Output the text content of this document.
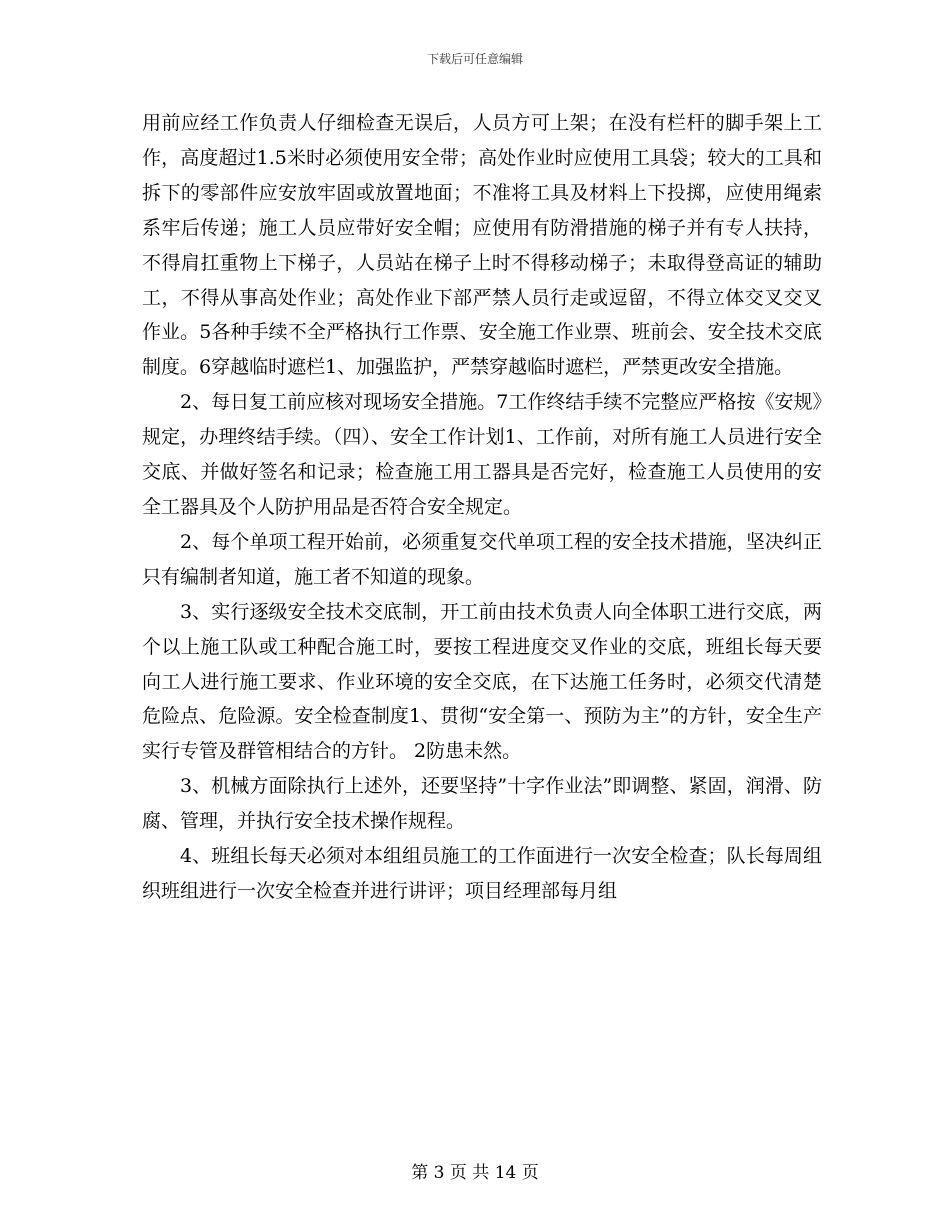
下载后可任意编辑

用前应经工作负责人仔细检查无误后，人员方可上架；在没有栏杆的脚手架上工作，高度超过1.5米时必须使用安全带；高处作业时应使用工具袋；较大的工具和拆下的零部件应安放牢固或放置地面；不准将工具及材料上下投掷，应使用绳索系牢后传递；施工人员应带好安全帽；应使用有防滑措施的梯子并有专人扶持，不得肩扛重物上下梯子，人员站在梯子上时不得移动梯子；未取得登高证的辅助工，不得从事高处作业；高处作业下部严禁人员行走或逗留，不得立体交叉交叉作业。5各种手续不全严格执行工作票、安全施工作业票、班前会、安全技术交底制度。6穿越临时遮栏1、加强监护，严禁穿越临时遮栏，严禁更改安全措施。

2、每日复工前应核对现场安全措施。7工作终结手续不完整应严格按《安规》规定，办理终结手续。（四）、安全工作计划1、工作前，对所有施工人员进行安全交底、并做好签名和记录；检查施工用工器具是否完好，检查施工人员使用的安全工器具及个人防护用品是否符合安全规定。

2、每个单项工程开始前，必须重复交代单项工程的安全技术措施，坚决纠正只有编制者知道，施工者不知道的现象。

3、实行逐级安全技术交底制，开工前由技术负责人向全体职工进行交底，两个以上施工队或工种配合施工时，要按工程进度交叉作业的交底，班组长每天要向工人进行施工要求、作业环境的安全交底，在下达施工任务时，必须交代清楚危险点、危险源。安全检查制度1、贯彻“安全第一、预防为主”的方针，安全生产实行专管及群管相结合的方针。 2防患未然。

3、机械方面除执行上述外，还要坚持”十字作业法”即调整、紧固，润滑、防腐、管理，并执行安全技术操作规程。

4、班组长每天必须对本组组员施工的工作面进行一次安全检查；队长每周组织班组进行一次安全检查并进行讲评；项目经理部每月组

第 3 页 共 14 页
